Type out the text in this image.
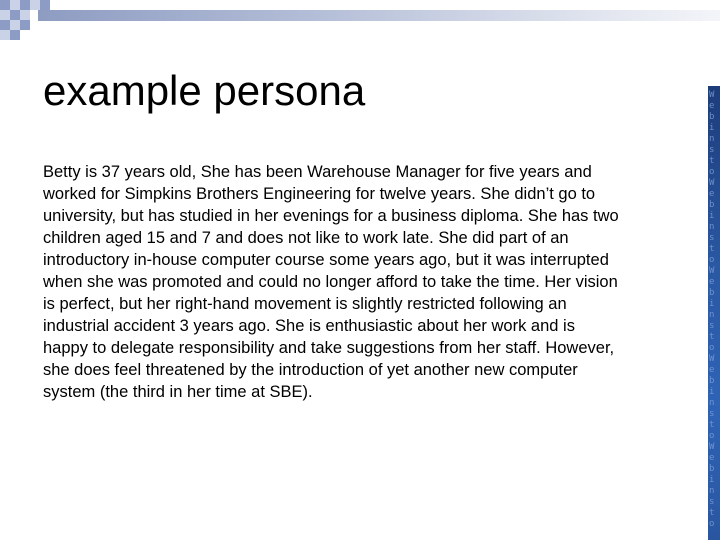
W
e
b
i
n
s
t
o
W
e
b
i
n
s
t
o
W
e
b
i
n
s
t
o
W
e
b
i
n
s
t
o
W
e
b
i
n
s
t
o
example persona

Betty is 37 years old, She has been Warehouse Manager for five years and
worked for Simpkins Brothers Engineering for twelve years. She didn’t go to
university, but has studied in her evenings for a business diploma. She has two
children aged 15 and 7 and does not like to work late. She did part of an
introductory in-house computer course some years ago, but it was interrupted
when she was promoted and could no longer afford to take the time. Her vision
is perfect, but her right-hand movement is slightly restricted following an
industrial accident 3 years ago. She is enthusiastic about her work and is
happy to delegate responsibility and take suggestions from her staff. However,
she does feel threatened by the introduction of yet another new computer
system (the third in her time at SBE).
